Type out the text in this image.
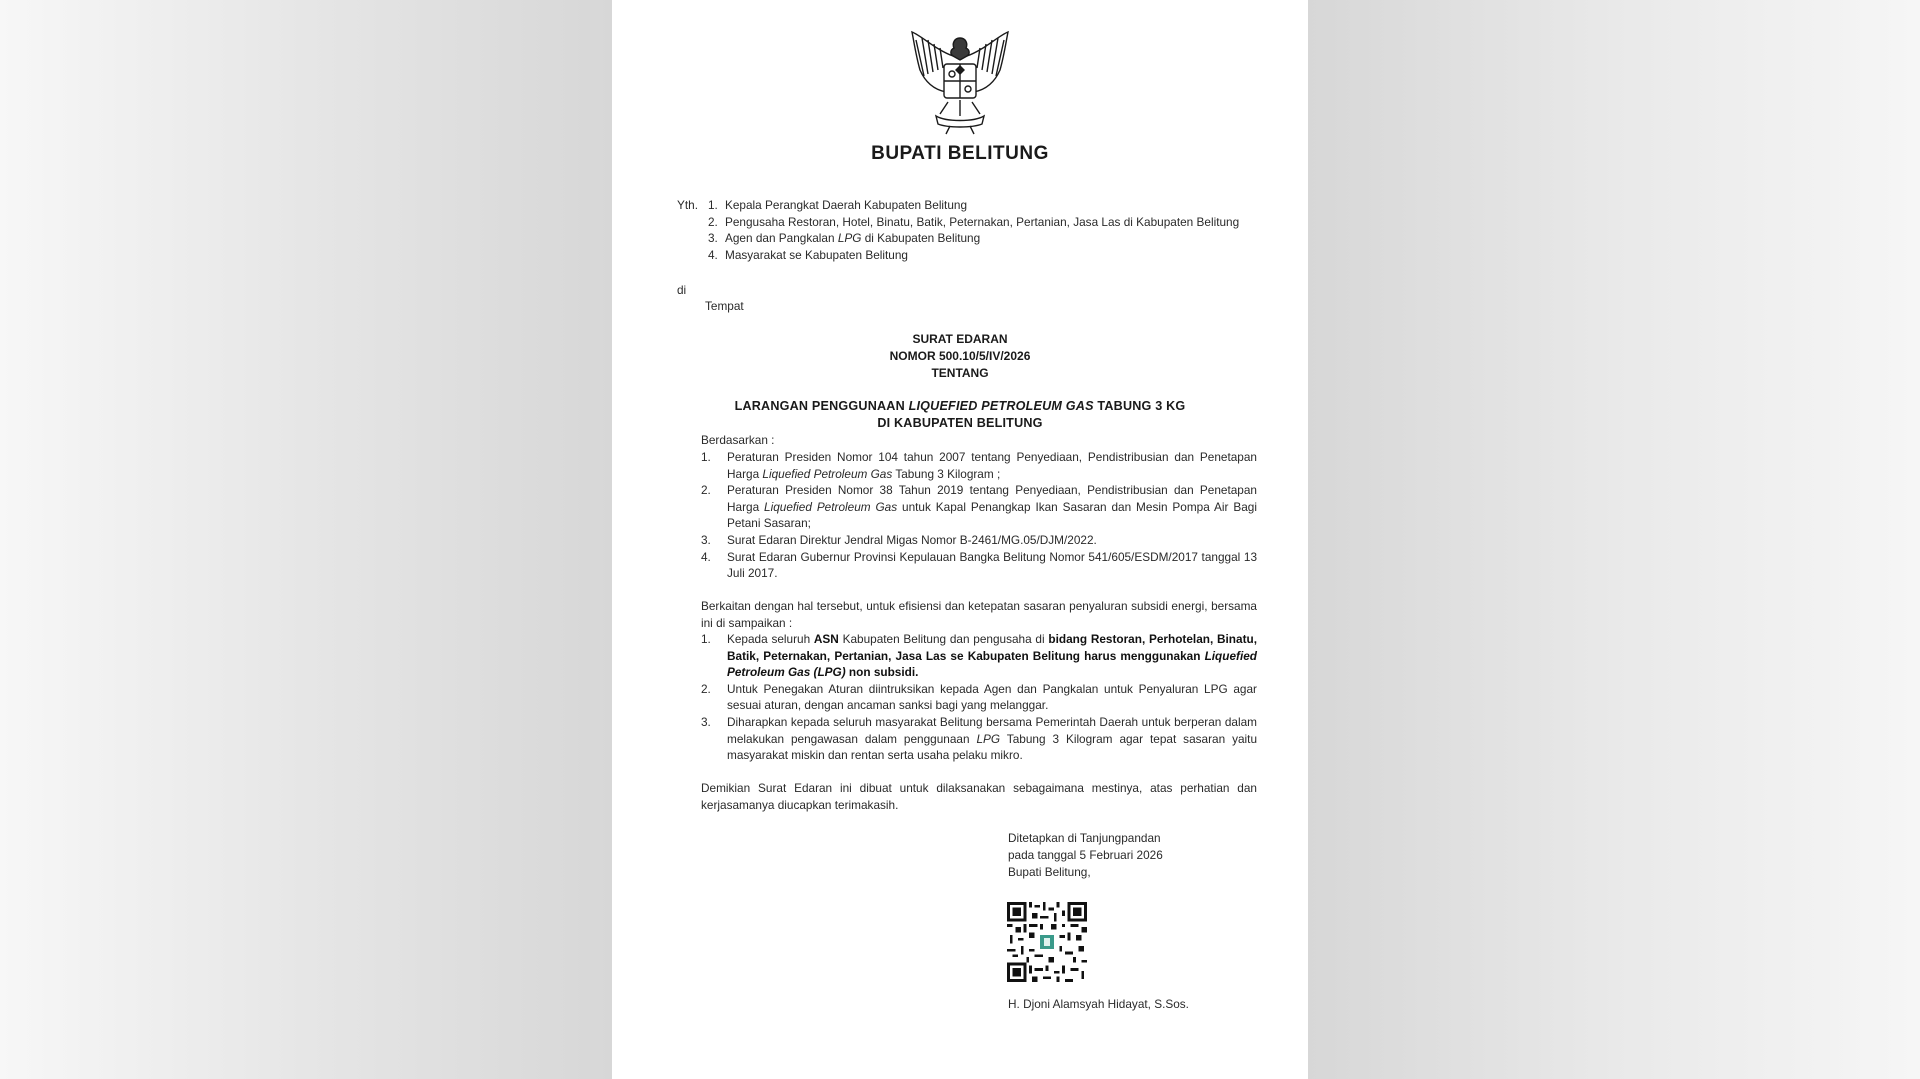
BUPATI BELITUNG
Yth. 1. Kepala Perangkat Daerah Kabupaten Belitung
2. Pengusaha Restoran, Hotel, Binatu, Batik, Peternakan, Pertanian, Jasa Las di Kabupaten Belitung
3. Agen dan Pangkalan LPG di Kabupaten Belitung
4. Masyarakat se Kabupaten Belitung
di
Tempat
SURAT EDARAN
NOMOR 500.10/5/IV/2026
TENTANG
LARANGAN PENGGUNAAN LIQUEFIED PETROLEUM GAS TABUNG 3 KG
DI KABUPATEN BELITUNG
Berdasarkan :
1. Peraturan Presiden Nomor 104 tahun 2007 tentang Penyediaan, Pendistribusian dan Penetapan Harga Liquefied Petroleum Gas Tabung 3 Kilogram ;
2. Peraturan Presiden Nomor 38 Tahun 2019 tentang Penyediaan, Pendistribusian dan Penetapan Harga Liquefied Petroleum Gas untuk Kapal Penangkap Ikan Sasaran dan Mesin Pompa Air Bagi Petani Sasaran;
3. Surat Edaran Direktur Jendral Migas Nomor B-2461/MG.05/DJM/2022.
4. Surat Edaran Gubernur Provinsi Kepulauan Bangka Belitung Nomor 541/605/ESDM/2017 tanggal 13 Juli 2017.
Berkaitan dengan hal tersebut, untuk efisiensi dan ketepatan sasaran penyaluran subsidi energi, bersama ini di sampaikan :
1. Kepada seluruh ASN Kabupaten Belitung dan pengusaha di bidang Restoran, Perhotelan, Binatu, Batik, Peternakan, Pertanian, Jasa Las se Kabupaten Belitung harus menggunakan Liquefied Petroleum Gas (LPG) non subsidi.
2. Untuk Penegakan Aturan diintruksikan kepada Agen dan Pangkalan untuk Penyaluran LPG agar sesuai aturan, dengan ancaman sanksi bagi yang melanggar.
3. Diharapkan kepada seluruh masyarakat Belitung bersama Pemerintah Daerah untuk berperan dalam melakukan pengawasan dalam penggunaan LPG Tabung 3 Kilogram agar tepat sasaran yaitu masyarakat miskin dan rentan serta usaha pelaku mikro.
Demikian Surat Edaran ini dibuat untuk dilaksanakan sebagaimana mestinya, atas perhatian dan kerjasamanya diucapkan terimakasih.
Ditetapkan di Tanjungpandan
pada tanggal 5 Februari 2026
Bupati Belitung,
H. Djoni Alamsyah Hidayat, S.Sos.
